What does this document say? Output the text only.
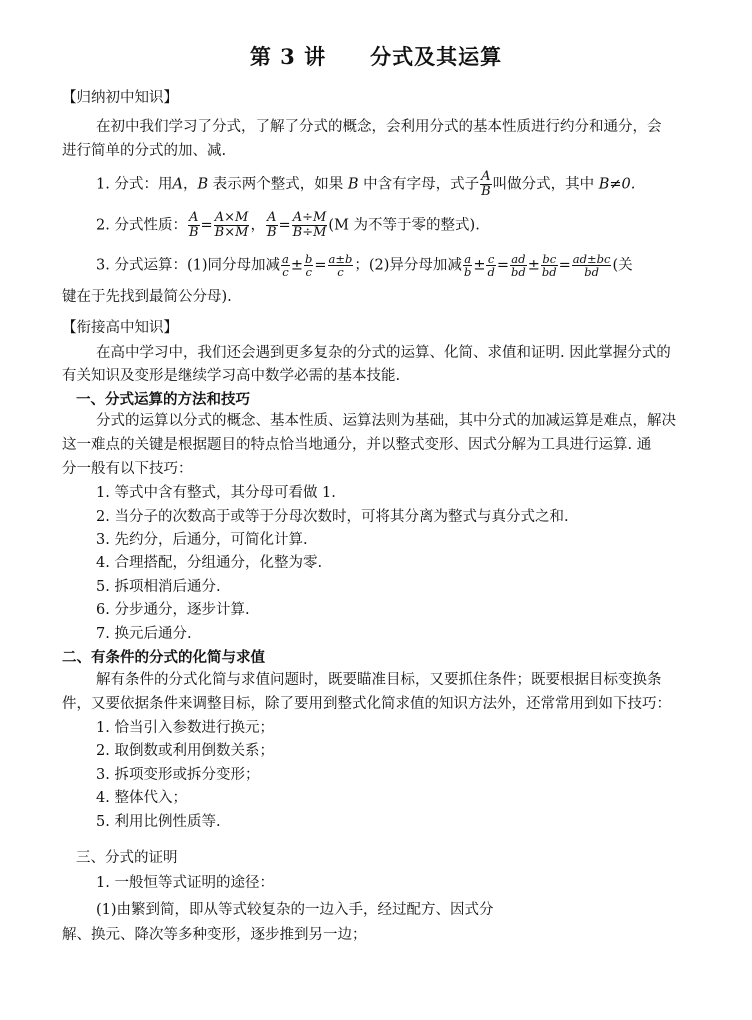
第 3 讲　　分式及其运算
【归纳初中知识】
在初中我们学习了分式，了解了分式的概念，会利用分式的基本性质进行约分和通分，会
进行简单的分式的加、减.
1. 分式：用A，B 表示两个整式，如果 B 中含有字母，式子 $\frac{A}{B}$ 叫做分式，其中 B≠0.
2. 分式性质： $\frac{A}{B} = \frac{A\times M}{B\times M}$ ， $\frac{A}{B} = \frac{A\div M}{B\div M} (M$ 为不等于零的整式).
3. 分式运算：(1)同分母加减 $\frac{a}{c} \pm \frac{b}{c} = \frac{a\pm b}{c}$ ；(2)异分母加减 $\frac{a}{b} \pm \frac{c}{d} = \frac{ad}{bd} \pm \frac{bc}{bd} = \frac{ad\pm bc}{bd}$ (关
键在于先找到最简公分母).
【衔接高中知识】
在高中学习中，我们还会遇到更多复杂的分式的运算、化简、求值和证明. 因此掌握分式的
有关知识及变形是继续学习高中数学必需的基本技能.
一、分式运算的方法和技巧
分式的运算以分式的概念、基本性质、运算法则为基础，其中分式的加减运算是难点，解决
这一难点的关键是根据题目的特点恰当地通分，并以整式变形、因式分解为工具进行运算. 通
分一般有以下技巧：
1. 等式中含有整式，其分母可看做 1.
2. 当分子的次数高于或等于分母次数时，可将其分离为整式与真分式之和.
3. 先约分，后通分，可简化计算.
4. 合理搭配，分组通分，化整为零.
5. 拆项相消后通分.
6. 分步通分，逐步计算.
7. 换元后通分.
二、有条件的分式的化简与求值
解有条件的分式化简与求值问题时，既要瞄准目标，又要抓住条件；既要根据目标变换条
件，又要依据条件来调整目标，除了要用到整式化简求值的知识方法外，还常常用到如下技巧：
1. 恰当引入参数进行换元；
2. 取倒数或利用倒数关系；
3. 拆项变形或拆分变形；
4. 整体代入；
5. 利用比例性质等.
三、分式的证明
1. 一般恒等式证明的途径：
(1)由繁到简，即从等式较复杂的一边入手，经过配方、因式分
解、换元、降次等多种变形，逐步推到另一边；
